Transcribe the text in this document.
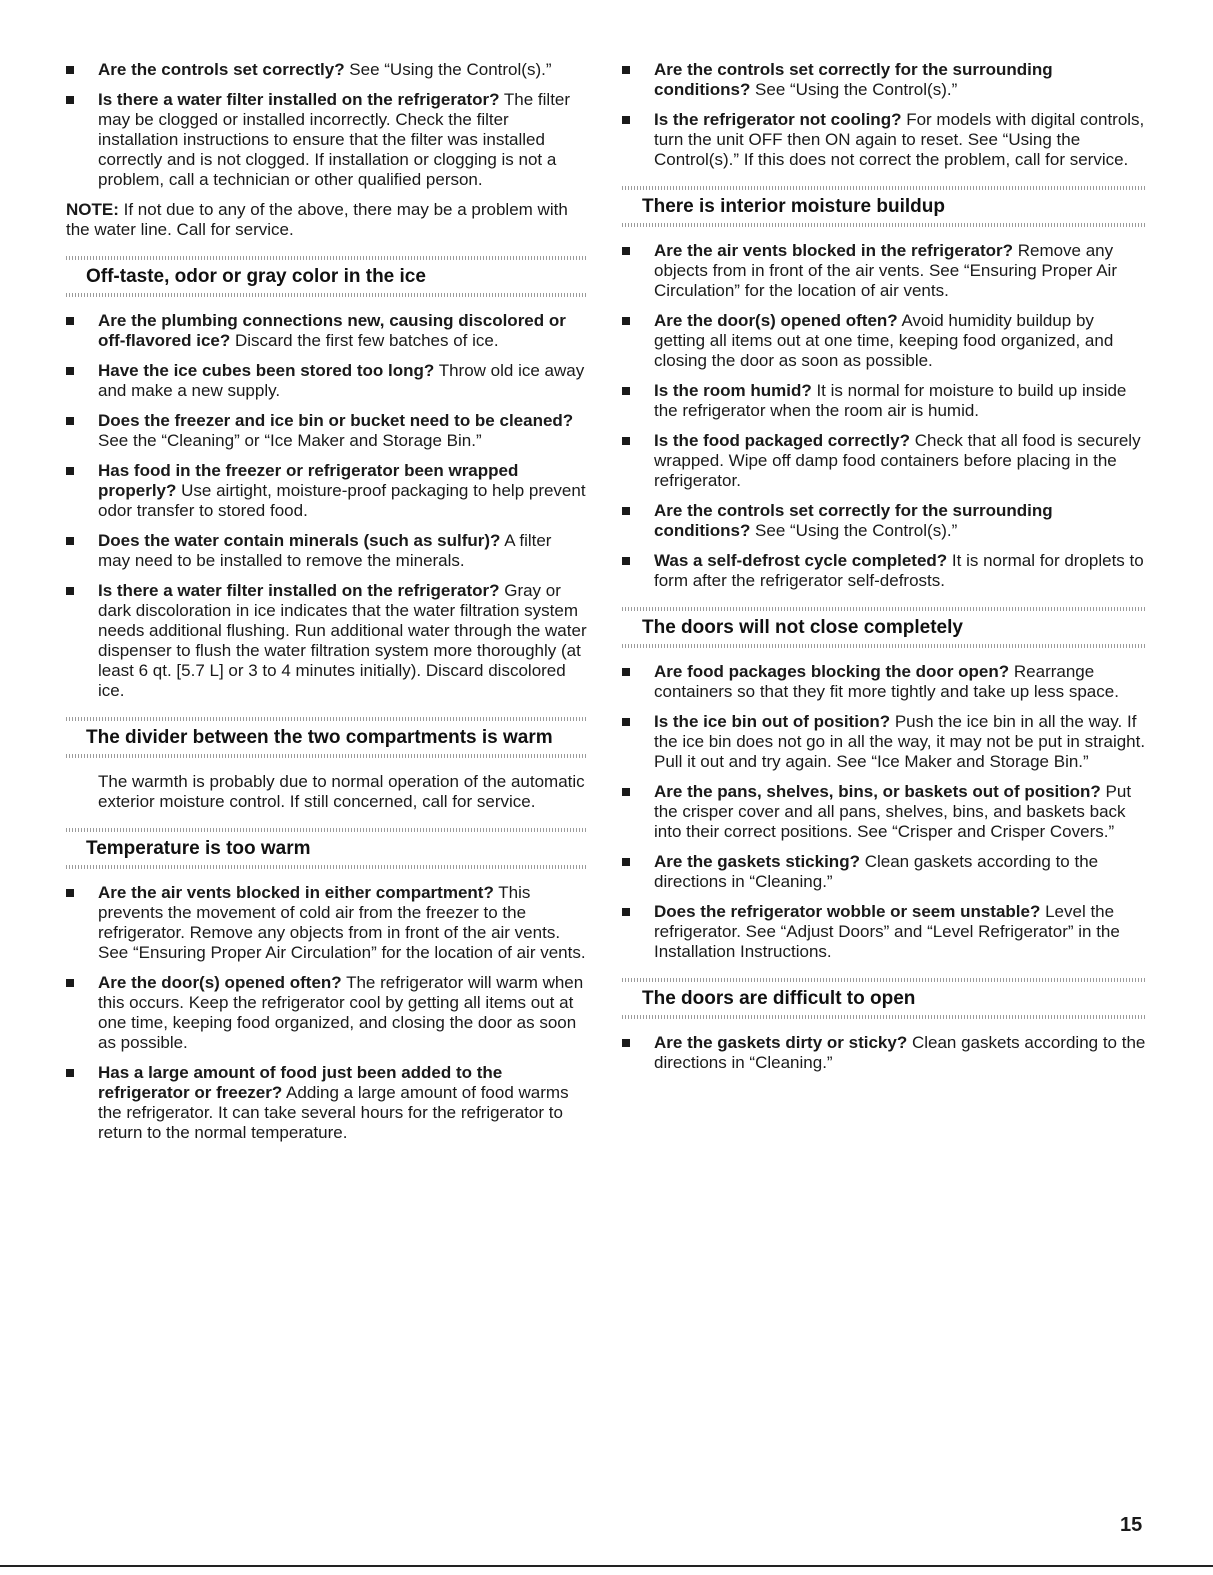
Are the controls set correctly? See “Using the Control(s).”
Is there a water filter installed on the refrigerator? The filter may be clogged or installed incorrectly. Check the filter installation instructions to ensure that the filter was installed correctly and is not clogged. If installation or clogging is not a problem, call a technician or other qualified person.
NOTE: If not due to any of the above, there may be a problem with the water line. Call for service.
Off-taste, odor or gray color in the ice
Are the plumbing connections new, causing discolored or off-flavored ice? Discard the first few batches of ice.
Have the ice cubes been stored too long? Throw old ice away and make a new supply.
Does the freezer and ice bin or bucket need to be cleaned? See the “Cleaning” or “Ice Maker and Storage Bin.”
Has food in the freezer or refrigerator been wrapped properly? Use airtight, moisture-proof packaging to help prevent odor transfer to stored food.
Does the water contain minerals (such as sulfur)? A filter may need to be installed to remove the minerals.
Is there a water filter installed on the refrigerator? Gray or dark discoloration in ice indicates that the water filtration system needs additional flushing. Run additional water through the water dispenser to flush the water filtration system more thoroughly (at least 6 qt. [5.7 L] or 3 to 4 minutes initially). Discard discolored ice.
The divider between the two compartments is warm
The warmth is probably due to normal operation of the automatic exterior moisture control. If still concerned, call for service.
Temperature is too warm
Are the air vents blocked in either compartment? This prevents the movement of cold air from the freezer to the refrigerator. Remove any objects from in front of the air vents. See “Ensuring Proper Air Circulation” for the location of air vents.
Are the door(s) opened often? The refrigerator will warm when this occurs. Keep the refrigerator cool by getting all items out at one time, keeping food organized, and closing the door as soon as possible.
Has a large amount of food just been added to the refrigerator or freezer? Adding a large amount of food warms the refrigerator. It can take several hours for the refrigerator to return to the normal temperature.
Are the controls set correctly for the surrounding conditions? See “Using the Control(s).”
Is the refrigerator not cooling? For models with digital controls, turn the unit OFF then ON again to reset. See “Using the Control(s).” If this does not correct the problem, call for service.
There is interior moisture buildup
Are the air vents blocked in the refrigerator? Remove any objects from in front of the air vents. See “Ensuring Proper Air Circulation” for the location of air vents.
Are the door(s) opened often? Avoid humidity buildup by getting all items out at one time, keeping food organized, and closing the door as soon as possible.
Is the room humid? It is normal for moisture to build up inside the refrigerator when the room air is humid.
Is the food packaged correctly? Check that all food is securely wrapped. Wipe off damp food containers before placing in the refrigerator.
Are the controls set correctly for the surrounding conditions? See “Using the Control(s).”
Was a self-defrost cycle completed? It is normal for droplets to form after the refrigerator self-defrosts.
The doors will not close completely
Are food packages blocking the door open? Rearrange containers so that they fit more tightly and take up less space.
Is the ice bin out of position? Push the ice bin in all the way. If the ice bin does not go in all the way, it may not be put in straight. Pull it out and try again. See “Ice Maker and Storage Bin.”
Are the pans, shelves, bins, or baskets out of position? Put the crisper cover and all pans, shelves, bins, and baskets back into their correct positions. See “Crisper and Crisper Covers.”
Are the gaskets sticking? Clean gaskets according to the directions in “Cleaning.”
Does the refrigerator wobble or seem unstable? Level the refrigerator. See “Adjust Doors” and “Level Refrigerator” in the Installation Instructions.
The doors are difficult to open
Are the gaskets dirty or sticky? Clean gaskets according to the directions in “Cleaning.”
15
